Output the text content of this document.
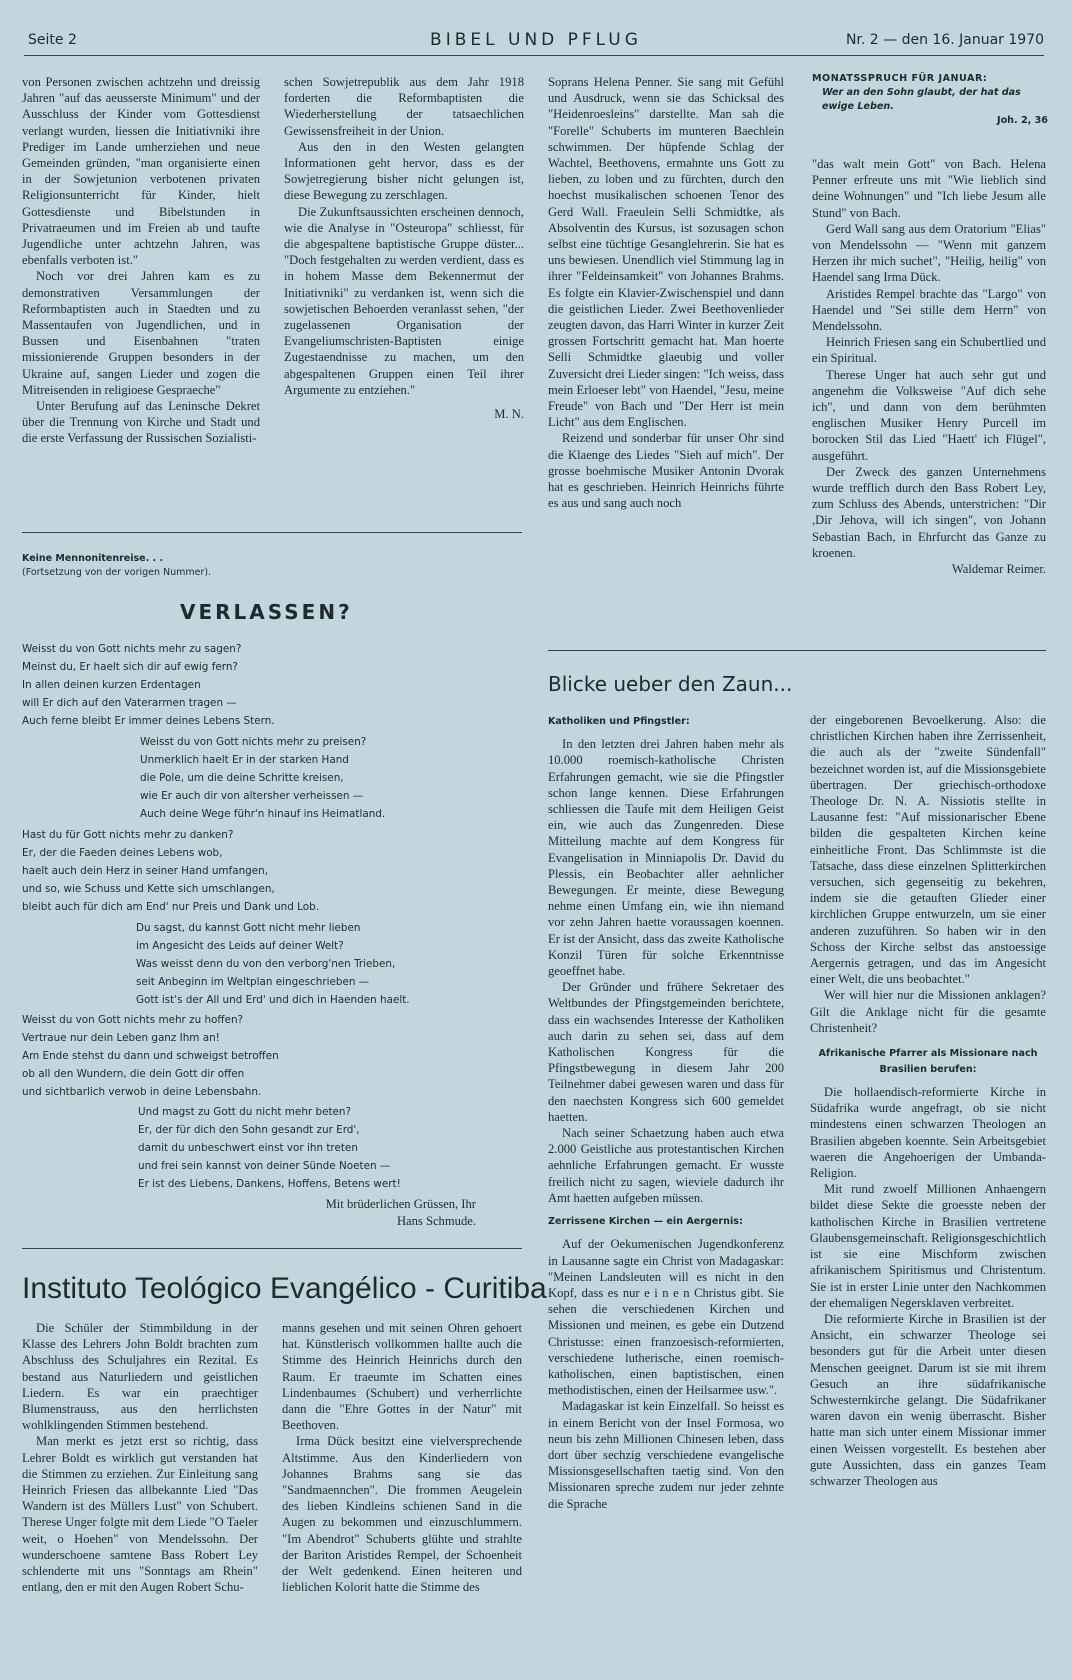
Seite 2	BIBEL UND PFLUG	Nr. 2 — den 16. Januar 1970

von Personen zwischen achtzehn und dreissig Jahren "auf das aeusserste Minimum" und der Ausschluss der Kinder vom Gottesdienst verlangt wurden, liessen die Initiativniki ihre Prediger im Lande umherziehen und neue Gemeinden gründen, "man organisierte einen in der Sowjetunion verbotenen privaten Religionsunterricht für Kinder, hielt Gottesdienste und Bibelstunden in Privatraeumen und im Freien ab und taufte Jugendliche unter achtzehn Jahren, was ebenfalls verboten ist."

Noch vor drei Jahren kam es zu demonstrativen Versammlungen der Reformbaptisten auch in Staedten und zu Massentaufen von Jugendlichen, und in Bussen und Eisenbahnen "traten missionierende Gruppen besonders in der Ukraine auf, sangen Lieder und zogen die Mitreisenden in religioese Gespraeche"

Unter Berufung auf das Leninsche Dekret über die Trennung von Kirche und Stadt und die erste Verfassung der Russischen Sozialisti-

schen Sowjetrepublik aus dem Jahr 1918 forderten die Reformbaptisten die Wiederherstellung der tatsaechlichen Gewissensfreiheit in der Union.

Aus den in den Westen gelangten Informationen geht hervor, dass es der Sowjetregierung bisher nicht gelungen ist, diese Bewegung zu zerschlagen.

Die Zukunftsaussichten erscheinen dennoch, wie die Analyse in "Osteuropa" schliesst, für die abgespaltene baptistische Gruppe düster... "Doch festgehalten zu werden verdient, dass es in hohem Masse dem Bekennermut der Initiativniki" zu verdanken ist, wenn sich die sowjetischen Behoerden veranlasst sehen, "der zugelassenen Organisation der Evangeliumschristen-Baptisten einige Zugestaendnisse zu machen, um den abgespaltenen Gruppen einen Teil ihrer Argumente zu entziehen."

M. N.

Soprans Helena Penner. Sie sang mit Gefühl und Ausdruck, wenn sie das Schicksal des "Heidenroesleins" darstellte. Man sah die "Forelle" Schuberts im munteren Baechlein schwimmen. Der hüpfende Schlag der Wachtel, Beethovens, ermahnte uns Gott zu lieben, zu loben und zu fürchten, durch den hoechst musikalischen schoenen Tenor des Gerd Wall. Fraeulein Selli Schmidtke, als Absolventin des Kursus, ist sozusagen schon selbst eine tüchtige Gesanglehrerin. Sie hat es uns bewiesen. Unendlich viel Stimmung lag in ihrer "Feldeinsamkeit" von Johannes Brahms. Es folgte ein Klavier-Zwischenspiel und dann die geistlichen Lieder. Zwei Beethovenlieder zeugten davon, das Harri Winter in kurzer Zeit grossen Fortschritt gemacht hat. Man hoerte Selli Schmidtke glaeubig und voller Zuversicht drei Lieder singen: "Ich weiss, dass mein Erloeser lebt" von Haendel, "Jesu, meine Freude" von Bach und "Der Herr ist mein Licht" aus dem Englischen.

Reizend und sonderbar für unser Ohr sind die Klaenge des Liedes "Sieh auf mich". Der grosse boehmische Musiker Antonin Dvorak hat es geschrieben. Heinrich Heinrichs führte es aus und sang auch noch

MONATSSPRUCH FÜR JANUAR:
Wer an den Sohn glaubt, der hat das ewige Leben.
Joh. 2, 36

"das walt mein Gott" von Bach. Helena Penner erfreute uns mit "Wie lieblich sind deine Wohnungen" und "Ich liebe Jesum alle Stund" von Bach.

Gerd Wall sang aus dem Oratorium "Elias" von Mendelssohn — "Wenn mit ganzem Herzen ihr mich suchet", "Heilig, heilig" von Haendel sang Irma Dück.

Aristides Rempel brachte das "Largo" von Haendel und "Sei stille dem Herrn" von Mendelssohn.

Heinrich Friesen sang ein Schubertlied und ein Spiritual.

Therese Unger hat auch sehr gut und angenehm die Volksweise "Auf dich sehe ich", und dann von dem berühmten englischen Musiker Henry Purcell im borocken Stil das Lied "Haett' ich Flügel", ausgeführt.

Der Zweck des ganzen Unternehmens wurde trefflich durch den Bass Robert Ley, zum Schluss des Abends, unterstrichen: "Dir ,Dir Jehova, will ich singen", von Johann Sebastian Bach, in Ehrfurcht das Ganze zu kroenen.

Waldemar Reimer.

Keine Mennonitenreise. . .
(Fortsetzung von der vorigen Nummer).
VERLASSEN?
Weisst du von Gott nichts mehr zu sagen?
Meinst du, Er haelt sich dir auf ewig fern?
In allen deinen kurzen Erdentagen
will Er dich auf den Vaterarmen tragen —
Auch ferne bleibt Er immer deines Lebens Stern.
Weisst du von Gott nichts mehr zu preisen?
Unmerklich haelt Er in der starken Hand
die Pole, um die deine Schritte kreisen,
wie Er auch dir von altersher verheissen —
Auch deine Wege führ'n hinauf ins Heimatland.
Hast du für Gott nichts mehr zu danken?
Er, der die Faeden deines Lebens wob,
haelt auch dein Herz in seiner Hand umfangen,
und so, wie Schuss und Kette sich umschlangen,
bleibt auch für dich am End' nur Preis und Dank und Lob.
Du sagst, du kannst Gott nicht mehr lieben
im Angesicht des Leids auf deiner Welt?
Was weisst denn du von den verborg'nen Trieben,
seit Anbeginn im Weltplan eingeschrieben —
Gott ist's der All und Erd' und dich in Haenden haelt.
Weisst du von Gott nichts mehr zu hoffen?
Vertraue nur dein Leben ganz Ihm an!
Am Ende stehst du dann und schweigst betroffen
ob all den Wundern, die dein Gott dir offen
und sichtbarlich verwob in deine Lebensbahn.
Und magst zu Gott du nicht mehr beten?
Er, der für dich den Sohn gesandt zur Erd',
damit du unbeschwert einst vor ihn treten
und frei sein kannst von deiner Sünde Noeten —
Er ist des Liebens, Dankens, Hoffens, Betens wert!
Mit brüderlichen Grüssen, Ihr
Hans Schmude.
Instituto Teológico Evangélico - Curitiba

Die Schüler der Stimmbildung in der Klasse des Lehrers John Boldt brachten zum Abschluss des Schuljahres ein Rezital. Es bestand aus Naturliedern und geistlichen Liedern. Es war ein praechtiger Blumenstrauss, aus den herrlichsten wohlklingenden Stimmen bestehend.

Man merkt es jetzt erst so richtig, dass Lehrer Boldt es wirklich gut verstanden hat die Stimmen zu erziehen. Zur Einleitung sang Heinrich Friesen das allbekannte Lied "Das Wandern ist des Müllers Lust" von Schubert. Therese Unger folgte mit dem Liede "O Taeler weit, o Hoehen" von Mendelssohn. Der wunderschoene samtene Bass Robert Ley schlenderte mit uns "Sonntags am Rhein" entlang, den er mit den Augen Robert Schu-

manns gesehen und mit seinen Ohren gehoert hat. Künstlerisch vollkommen hallte auch die Stimme des Heinrich Heinrichs durch den Raum. Er traeumte im Schatten eines Lindenbaumes (Schubert) und verherrlichte dann die "Ehre Gottes in der Natur" mit Beethoven.

Irma Dück besitzt eine vielversprechende Altstimme. Aus den Kinderliedern von Johannes Brahms sang sie das "Sandmaennchen". Die frommen Aeugelein des lieben Kindleins schienen Sand in die Augen zu bekommen und einzuschlummern. "Im Abendrot" Schuberts glühte und strahlte der Bariton Aristides Rempel, der Schoenheit der Welt gedenkend. Einen heiteren und lieblichen Kolorit hatte die Stimme des

Blicke ueber den Zaun...
Katholiken und Pfingstler:

In den letzten drei Jahren haben mehr als 10.000 roemisch-katholische Christen Erfahrungen gemacht, wie sie die Pfingstler schon lange kennen. Diese Erfahrungen schliessen die Taufe mit dem Heiligen Geist ein, wie auch das Zungenreden. Diese Mitteilung machte auf dem Kongress für Evangelisation in Minniapolis Dr. David du Plessis, ein Beobachter aller aehnlicher Bewegungen. Er meinte, diese Bewegung nehme einen Umfang ein, wie ihn niemand vor zehn Jahren haette voraussagen koennen. Er ist der Ansicht, dass das zweite Katholische Konzil Türen für solche Erkenntnisse geoeffnet habe.

Der Gründer und frühere Sekretaer des Weltbundes der Pfingstgemeinden berichtete, dass ein wachsendes Interesse der Katholiken auch darin zu sehen sei, dass auf dem Katholischen Kongress für die Pfingstbewegung in diesem Jahr 200 Teilnehmer dabei gewesen waren und dass für den naechsten Kongress sich 600 gemeldet haetten.

Nach seiner Schaetzung haben auch etwa 2.000 Geistliche aus protestantischen Kirchen aehnliche Erfahrungen gemacht. Er wusste freilich nicht zu sagen, wieviele dadurch ihr Amt haetten aufgeben müssen.

Zerrissene Kirchen — ein Aergernis:

Auf der Oekumenischen Jugendkonferenz in Lausanne sagte ein Christ von Madagaskar: "Meinen Landsleuten will es nicht in den Kopf, dass es nur e i n e n Christus gibt. Sie sehen die verschiedenen Kirchen und Missionen und meinen, es gebe ein Dutzend Christusse: einen franzoesisch-reformierten, verschiedene lutherische, einen roemisch-katholischen, einen baptistischen, einen methodistischen, einen der Heilsarmee usw.".

Madagaskar ist kein Einzelfall. So heisst es in einem Bericht von der Insel Formosa, wo neun bis zehn Millionen Chinesen leben, dass dort über sechzig verschiedene evangelische Missionsgesellschaften taetig sind. Von den Missionaren spreche zudem nur jeder zehnte die Sprache

der eingeborenen Bevoelkerung. Also: die christlichen Kirchen haben ihre Zerrissenheit, die auch als der "zweite Sündenfall" bezeichnet worden ist, auf die Missionsgebiete übertragen. Der griechisch-orthodoxe Theologe Dr. N. A. Nissiotis stellte in Lausanne fest: "Auf missionarischer Ebene bilden die gespalteten Kirchen keine einheitliche Front. Das Schlimmste ist die Tatsache, dass diese einzelnen Splitterkirchen versuchen, sich gegenseitig zu bekehren, indem sie die getauften Glieder einer kirchlichen Gruppe entwurzeln, um sie einer anderen zuzuführen. So haben wir in den Schoss der Kirche selbst das anstoessige Aergernis getragen, und das im Angesicht einer Welt, die uns beobachtet."

Wer will hier nur die Missionen anklagen? Gilt die Anklage nicht für die gesamte Christenheit?

Afrikanische Pfarrer als Missionare nach Brasilien berufen:

Die hollaendisch-reformierte Kirche in Südafrika wurde angefragt, ob sie nicht mindestens einen schwarzen Theologen an Brasilien abgeben koennte. Sein Arbeitsgebiet waeren die Angehoerigen der Umbanda-Religion.

Mit rund zwoelf Millionen Anhaengern bildet diese Sekte die groesste neben der katholischen Kirche in Brasilien vertretene Glaubensgemeinschaft. Religionsgeschichtlich ist sie eine Mischform zwischen afrikanischem Spiritismus und Christentum. Sie ist in erster Linie unter den Nachkommen der ehemaligen Negersklaven verbreitet.

Die reformierte Kirche in Brasilien ist der Ansicht, ein schwarzer Theologe sei besonders gut für die Arbeit unter diesen Menschen geeignet. Darum ist sie mit ihrem Gesuch an ihre südafrikanische Schwesternkirche gelangt. Die Südafrikaner waren davon ein wenig überrascht. Bisher hatte man sich unter einem Missionar immer einen Weissen vorgestellt. Es bestehen aber gute Aussichten, dass ein ganzes Team schwarzer Theologen aus
